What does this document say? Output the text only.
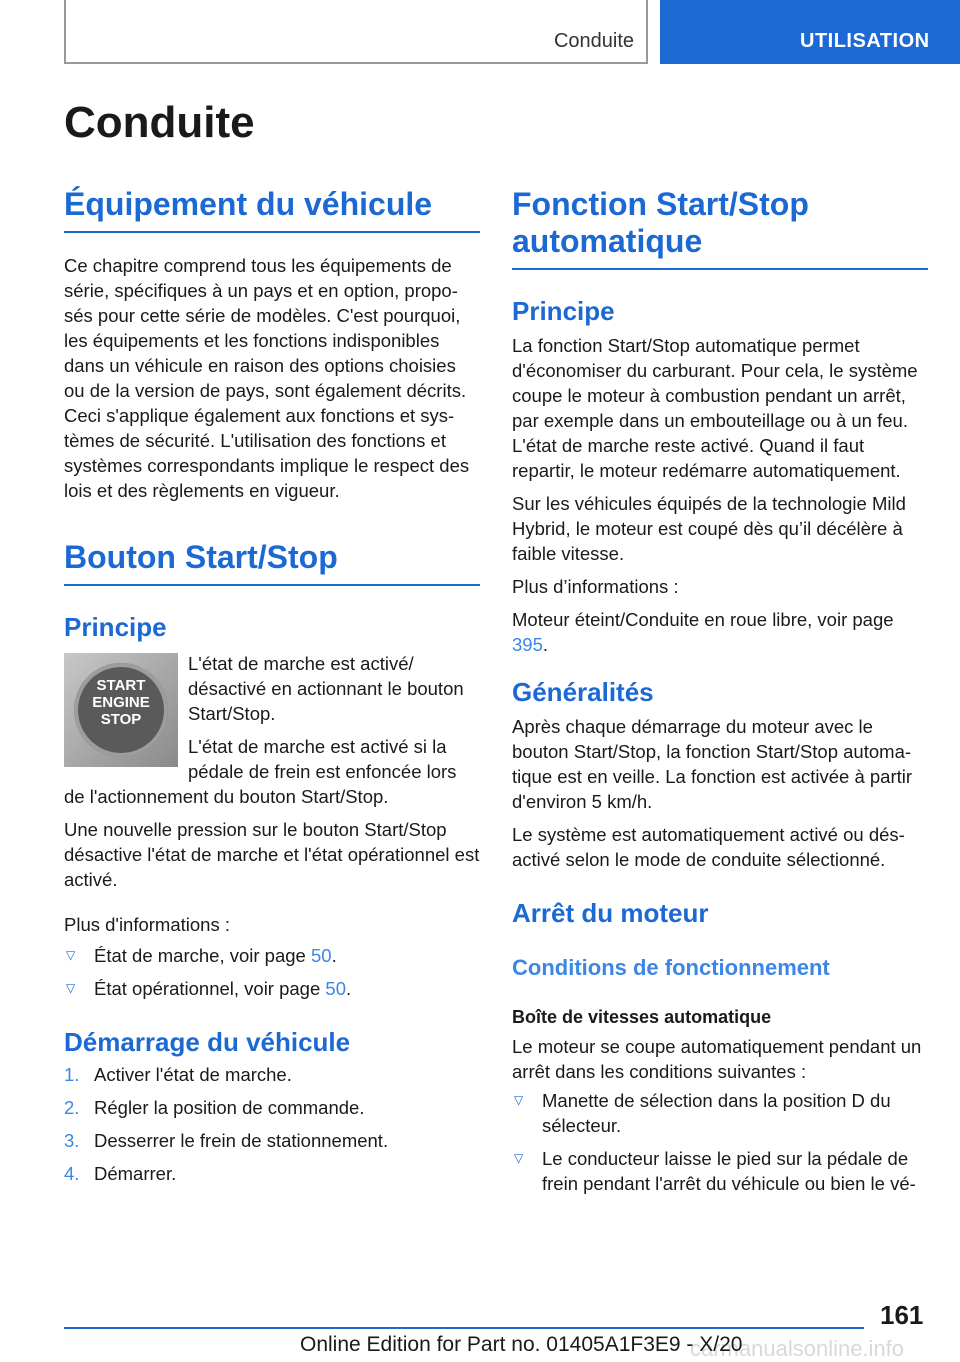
Conduite	UTILISATION
Conduite
Équipement du véhicule

Ce chapitre comprend tous les équipements de série, spécifiques à un pays et en option, proposés pour cette série de modèles. C'est pourquoi, les équipements et les fonctions indisponibles dans un véhicule en raison des options choisies ou de la version de pays, sont également décrits. Ceci s'applique également aux fonctions et systèmes de sécurité. L'utilisation des fonctions et systèmes correspondants implique le respect des lois et des règlements en vigueur.

Bouton Start/Stop
Principe
START
ENGINE
STOP

L'état de marche est activé/ désactivé en actionnant le bouton Start/Stop.

L'état de marche est activé si la pédale de frein est enfoncée lors de l'actionnement du bouton Start/Stop.

Une nouvelle pression sur le bouton Start/Stop désactive l'état de marche et l'état opérationnel est activé.

Plus d'informations :

▽ État de marche, voir page 50.
▽ État opérationnel, voir page 50.
Démarrage du véhicule
1. Activer l'état de marche.
2. Régler la position de commande.
3. Desserrer le frein de stationnement.
4. Démarrer.
Fonction Start/Stop automatique
Principe

La fonction Start/Stop automatique permet d'économiser du carburant. Pour cela, le système coupe le moteur à combustion pendant un arrêt, par exemple dans un embouteillage ou à un feu. L'état de marche reste activé. Quand il faut repartir, le moteur redémarre automatiquement.

Sur les véhicules équipés de la technologie Mild Hybrid, le moteur est coupé dès qu’il décélère à faible vitesse.

Plus d’informations :

Moteur éteint/Conduite en roue libre, voir page 395.

Généralités

Après chaque démarrage du moteur avec le bouton Start/Stop, la fonction Start/Stop automatique est en veille. La fonction est activée à partir d'environ 5 km/h.

Le système est automatiquement activé ou désactivé selon le mode de conduite sélectionné.

Arrêt du moteur
Conditions de fonctionnement
Boîte de vitesses automatique

Le moteur se coupe automatiquement pendant un arrêt dans les conditions suivantes :

▽ Manette de sélection dans la position D du sélecteur.
▽ Le conducteur laisse le pied sur la pédale de frein pendant l'arrêt du véhicule ou bien le vé-
161
carmanualsonline.info
Online Edition for Part no. 01405A1F3E9 - X/20
